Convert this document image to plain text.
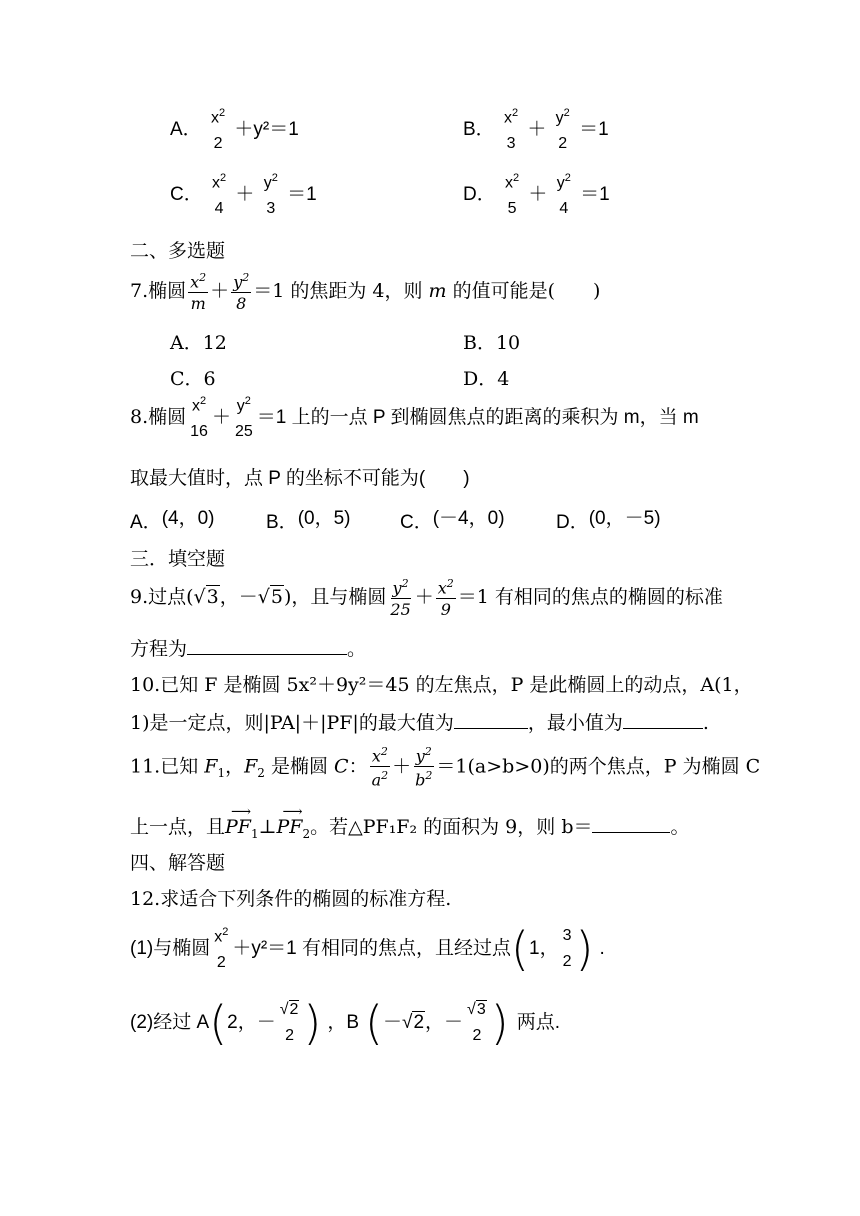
A．
$x^2$
2
＋y²＝1	B．
$x^2$
3
＋
$y^2$
2
＝1
C．
$x^2$
4
＋
$y^2$
3
＝1	D．
$x^2$
5
＋
$y^2$
4
＝1
二、多选题
7.椭圆 $\frac{x^2}{m} + \frac{y^2}{8} =1$ 的焦距为 4，则 m 的值可能是(　　)
A．12	B．10
C．6	D．4
8.椭圆
$x^2$
16
＋
$y^2$
25
＝1 上的一点 P 到椭圆焦点的距离的乘积为 m，当 m
取最大值时，点 P 的坐标不可能为(　　)
A．(4，0)	B．(0，5)	C．(－4，0)	D．(0，－5)
三．填空题
9.过点(√3，－√5)，且与椭圆 $\frac{y^2}{25} + \frac{x^2}{9} =1$ 有相同的焦点的椭圆的标准
方程为	。
10.已知 F 是椭圆 5x²＋9y²＝45 的左焦点，P 是此椭圆上的动点，A(1，
1)是一定点，则|PA|＋|PF|的最大值为	，最小值为	.
11.已知 $F_1$，$F_2$ 是椭圆 C： $\frac{x^2}{a^2} + \frac{y^2}{b^2} =1(a>b>0)$的两个焦点，P 为椭圆 C
上一点，且
⟶
$PF_1\perp$
⟶
$PF_2$。若△PF₁F₂ 的面积为 9，则 b＝	。
四、解答题
12.求适合下列条件的椭圆的标准方程.
(1)与椭圆
$x^2$
2
＋y²＝1 有相同的焦点，且经过点(1，
3
2 ) .
(2)经过 A(2，－
√2
2 ) ，B (－√2，－
√3
2 ) 两点.
